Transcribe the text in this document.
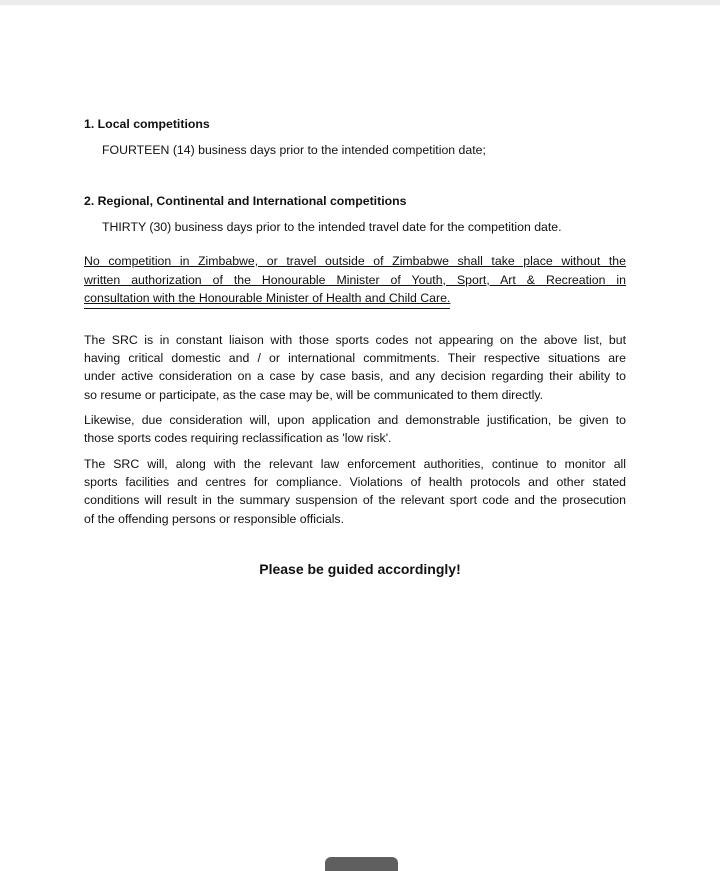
1. Local competitions
FOURTEEN (14) business days prior to the intended competition date;
2. Regional, Continental and International competitions
THIRTY (30) business days prior to the intended travel date for the competition date.
No competition in Zimbabwe, or travel outside of Zimbabwe shall take place without the
written authorization of the Honourable Minister of Youth, Sport, Art & Recreation in
consultation with the Honourable Minister of Health and Child Care.
The SRC is in constant liaison with those sports codes not appearing on the above list, but
having critical domestic and / or international commitments. Their respective situations are
under active consideration on a case by case basis, and any decision regarding their ability to
so resume or participate, as the case may be, will be communicated to them directly.
Likewise, due consideration will, upon application and demonstrable justification, be given to
those sports codes requiring reclassification as 'low risk'.
The SRC will, along with the relevant law enforcement authorities, continue to monitor all
sports facilities and centres for compliance. Violations of health protocols and other stated
conditions will result in the summary suspension of the relevant sport code and the prosecution
of the offending persons or responsible officials.
Please be guided accordingly!
